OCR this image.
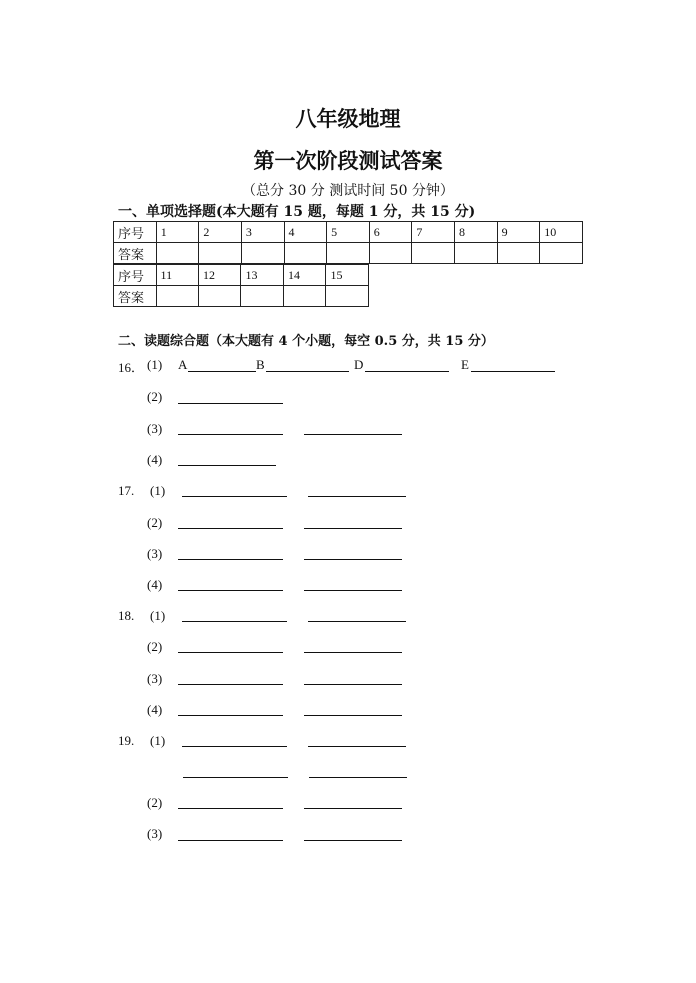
八年级地理
第一次阶段测试答案
（总分 30 分 测试时间 50 分钟）
一、单项选择题(本大题有 15 题，每题 1 分，共 15 分)
序号	1	2	3	4	5	6	7	8	9	10
答案										
序号	11	12	13	14	15
答案					
二、读题综合题（本大题有 4 个小题，每空 0.5 分，共 15 分）
16． (1) A	B	D	E
(2)
(3)
(4)
17. (1)
(2)
(3)
(4)
18. (1)
(2)
(3)
(4)
19. (1)
(2)
(3)
